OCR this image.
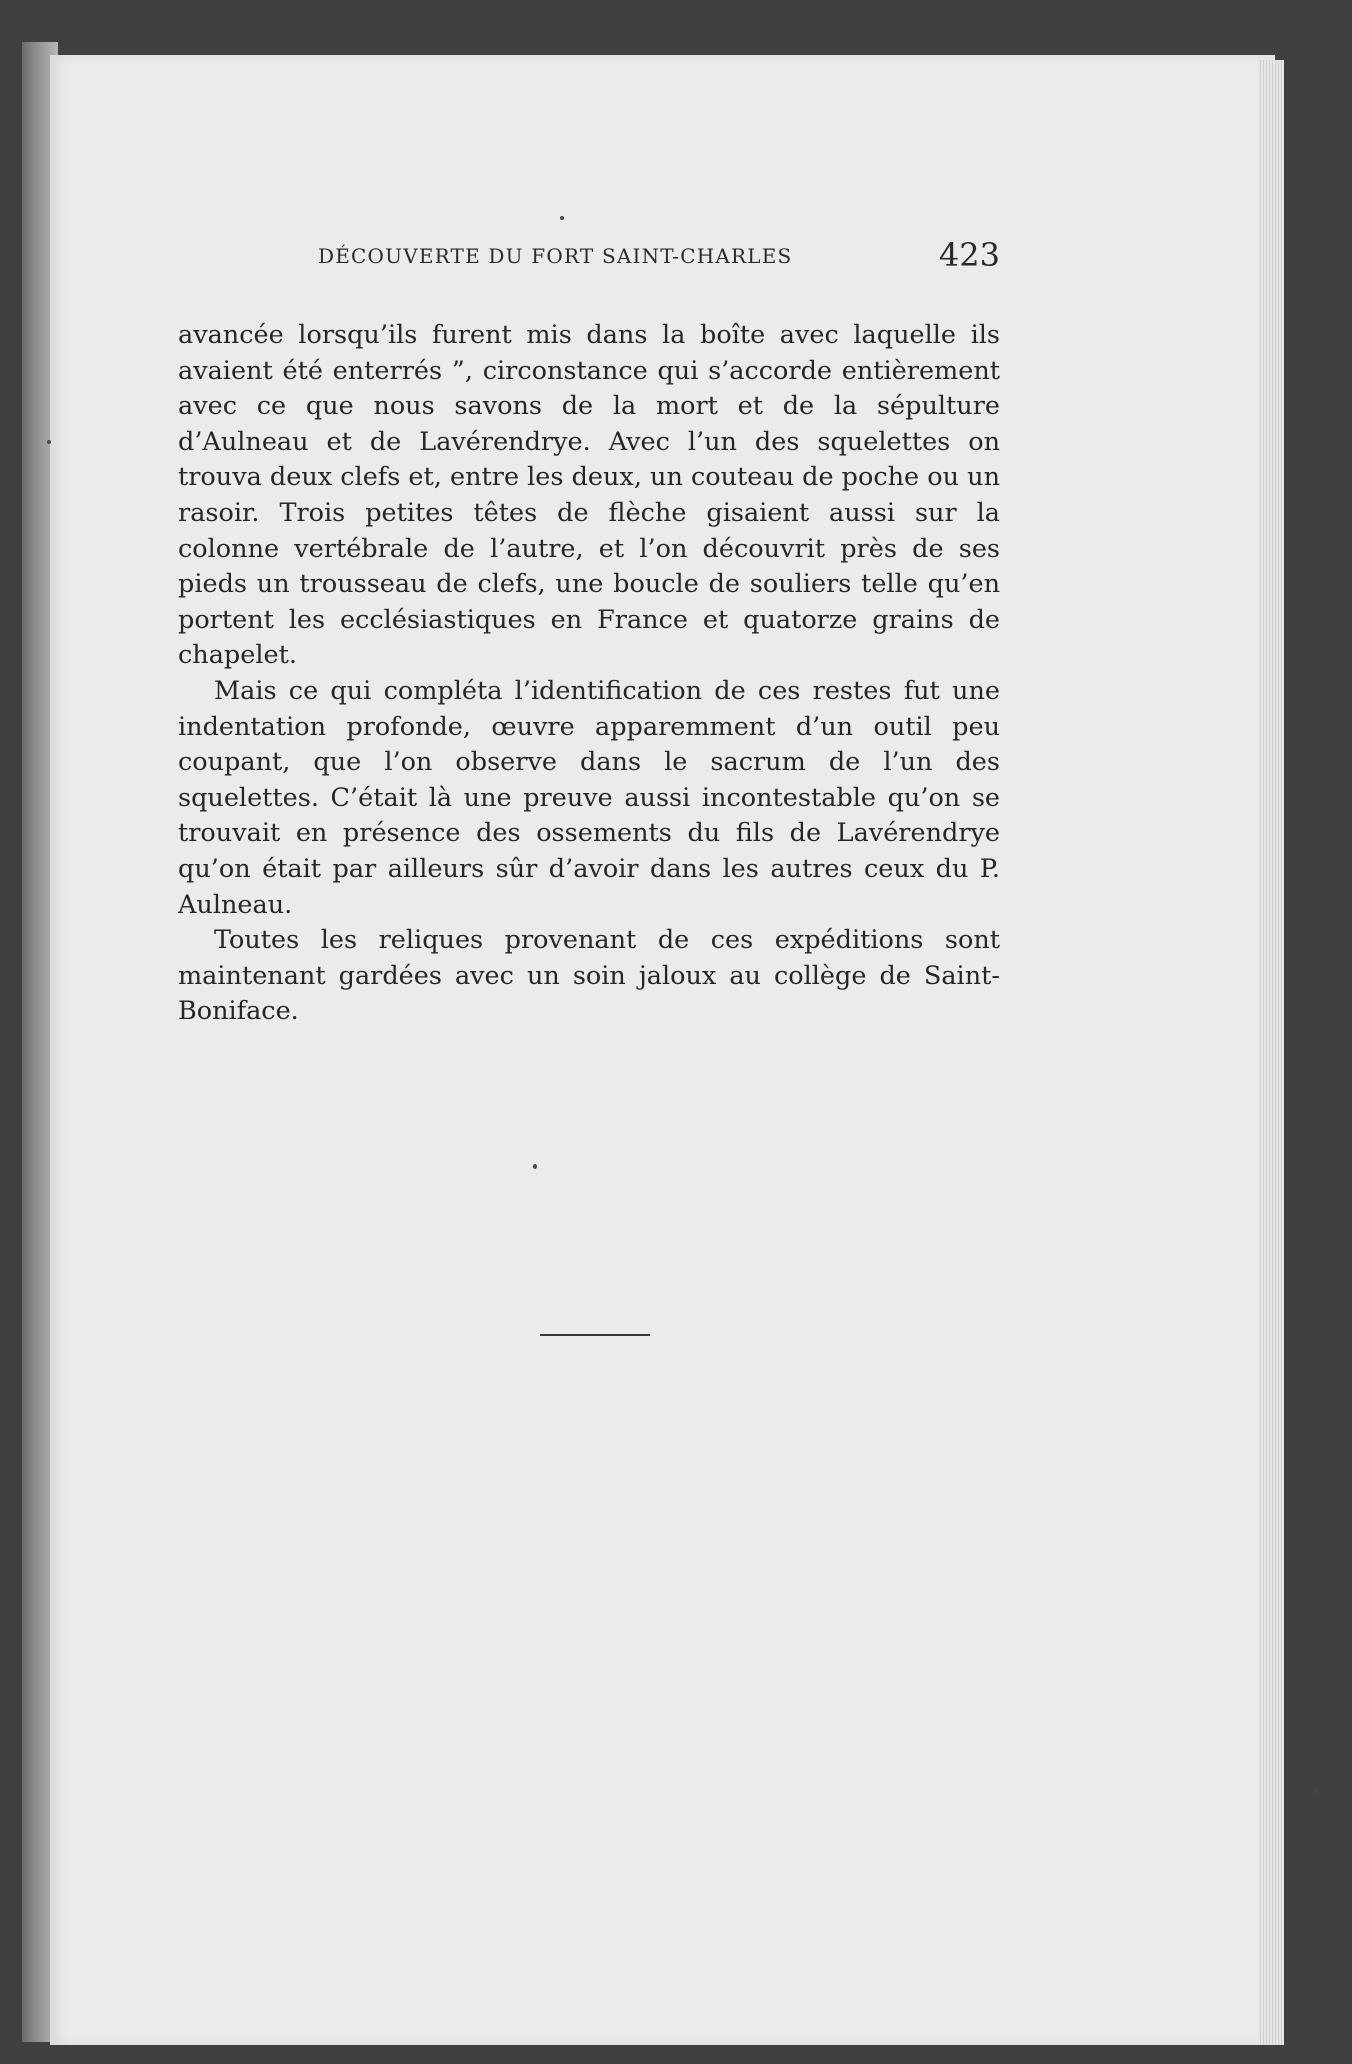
DÉCOUVERTE DU FORT SAINT-CHARLES	423

avancée lorsqu’ils furent mis dans la boîte avec laquelle ils avaient été enterrés ”, circonstance qui s’accorde entièrement avec ce que nous savons de la mort et de la sépulture d’Aulneau et de Lavérendrye. Avec l’un des squelettes on trouva deux clefs et, entre les deux, un couteau de poche ou un rasoir. Trois petites têtes de flèche gisaient aussi sur la colonne vertébrale de l’autre, et l’on découvrit près de ses pieds un trousseau de clefs, une boucle de souliers telle qu’en portent les ecclésiastiques en France et quatorze grains de chapelet.

Mais ce qui compléta l’identification de ces restes fut une indentation profonde, œuvre apparemment d’un outil peu coupant, que l’on observe dans le sacrum de l’un des squelettes. C’était là une preuve aussi incontestable qu’on se trouvait en présence des ossements du fils de Lavérendrye qu’on était par ailleurs sûr d’avoir dans les autres ceux du P. Aulneau.

Toutes les reliques provenant de ces expéditions sont maintenant gardées avec un soin jaloux au collège de Saint-Boniface.
